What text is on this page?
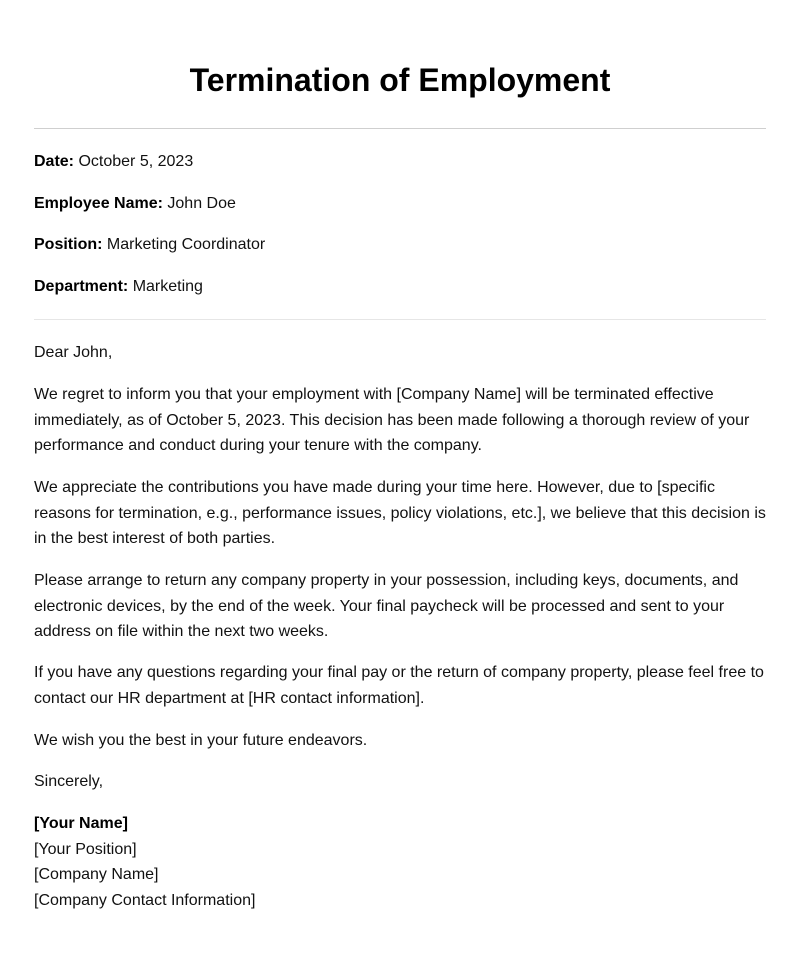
Termination of Employment
Date: October 5, 2023
Employee Name: John Doe
Position: Marketing Coordinator
Department: Marketing

Dear John,

We regret to inform you that your employment with [Company Name] will be terminated effective immediately, as of October 5, 2023. This decision has been made following a thorough review of your performance and conduct during your tenure with the company.

We appreciate the contributions you have made during your time here. However, due to [specific reasons for termination, e.g., performance issues, policy violations, etc.], we believe that this decision is in the best interest of both parties.

Please arrange to return any company property in your possession, including keys, documents, and electronic devices, by the end of the week. Your final paycheck will be processed and sent to your address on file within the next two weeks.

If you have any questions regarding your final pay or the return of company property, please feel free to contact our HR department at [HR contact information].

We wish you the best in your future endeavors.

Sincerely,

[Your Name]
[Your Position]
[Company Name]
[Company Contact Information]
